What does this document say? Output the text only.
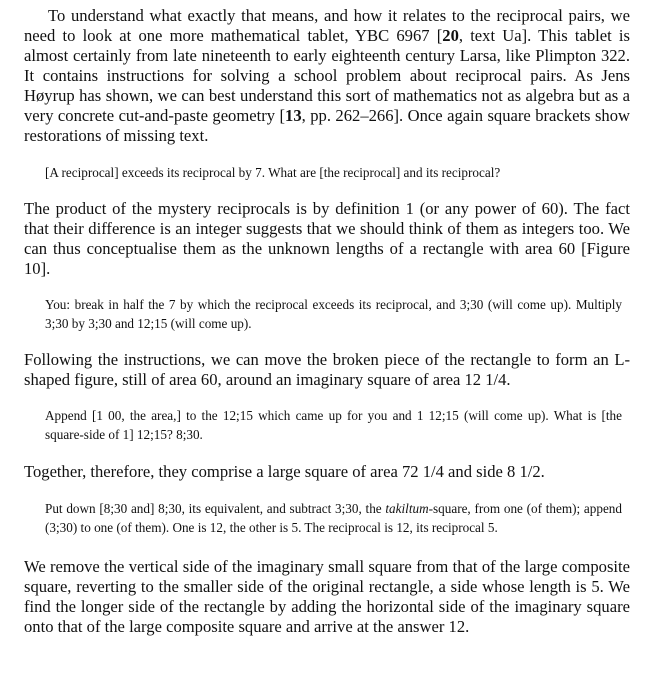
To understand what exactly that means, and how it relates to the reciprocal pairs, we need to look at one more mathematical tablet, YBC 6967 [20, text Ua]. This tablet is almost certainly from late nineteenth to early eighteenth century Larsa, like Plimpton 322. It contains instructions for solving a school problem about reciprocal pairs. As Jens Høyrup has shown, we can best understand this sort of mathematics not as algebra but as a very concrete cut-and-paste geometry [13, pp. 262–266]. Once again square brackets show restorations of missing text.

[A reciprocal] exceeds its reciprocal by 7. What are [the reciprocal] and its reciprocal?

The product of the mystery reciprocals is by definition 1 (or any power of 60). The fact that their difference is an integer suggests that we should think of them as integers too. We can thus conceptualise them as the unknown lengths of a rectangle with area 60 [Figure 10].

You: break in half the 7 by which the reciprocal exceeds its reciprocal, and 3;30 (will come up). Multiply 3;30 by 3;30 and 12;15 (will come up).

Following the instructions, we can move the broken piece of the rectangle to form an L-shaped figure, still of area 60, around an imaginary square of area 12 1/4.

Append [1 00, the area,] to the 12;15 which came up for you and 1 12;15 (will come up). What is [the square-side of 1] 12;15? 8;30.

Together, therefore, they comprise a large square of area 72 1/4 and side 8 1/2.

Put down [8;30 and] 8;30, its equivalent, and subtract 3;30, the takiltum-square, from one (of them); append (3;30) to one (of them). One is 12, the other is 5. The reciprocal is 12, its reciprocal 5.

We remove the vertical side of the imaginary small square from that of the large composite square, reverting to the smaller side of the original rectangle, a side whose length is 5. We find the longer side of the rectangle by adding the horizontal side of the imaginary square onto that of the large composite square and arrive at the answer 12.
